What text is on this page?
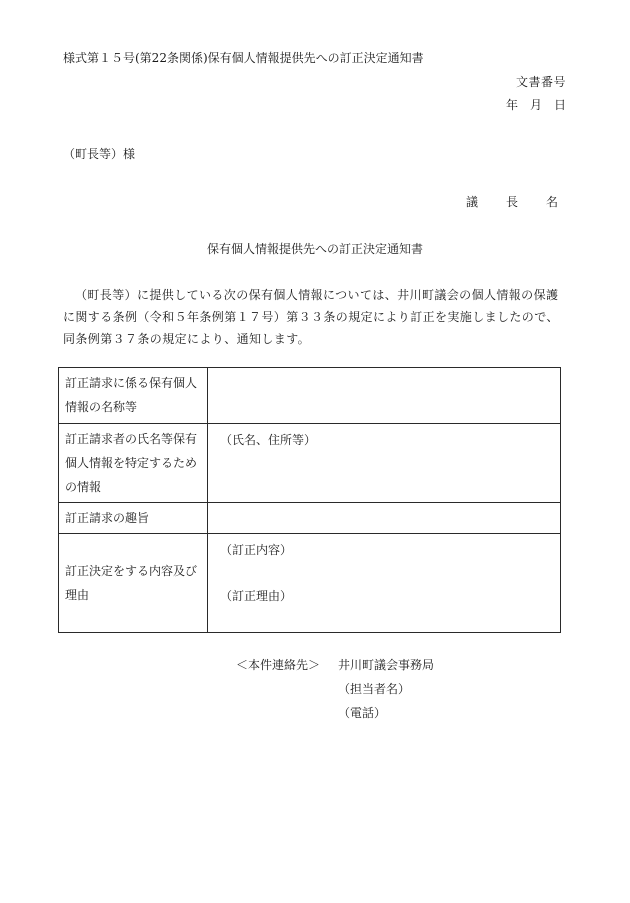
様式第１５号(第22条関係)保有個人情報提供先への訂正決定通知書
文書番号
年　月　日
（町長等）様
議　長　名
保有個人情報提供先への訂正決定通知書
（町長等）に提供している次の保有個人情報については、井川町議会の個人情報の保護に関する条例（令和５年条例第１７号）第３３条の規定により訂正を実施しましたので、同条例第３７条の規定により、通知します。
訂正請求に係る保有個人情報の名称等	

訂正請求者の氏名等保有個人情報を特定するための情報	（氏名、住所等）

訂正請求の趣旨	

訂正決定をする内容及び理由	（訂正内容）
（訂正理由）
＜本件連絡先＞ 井川町議会事務局
（担当者名）
（電話）
